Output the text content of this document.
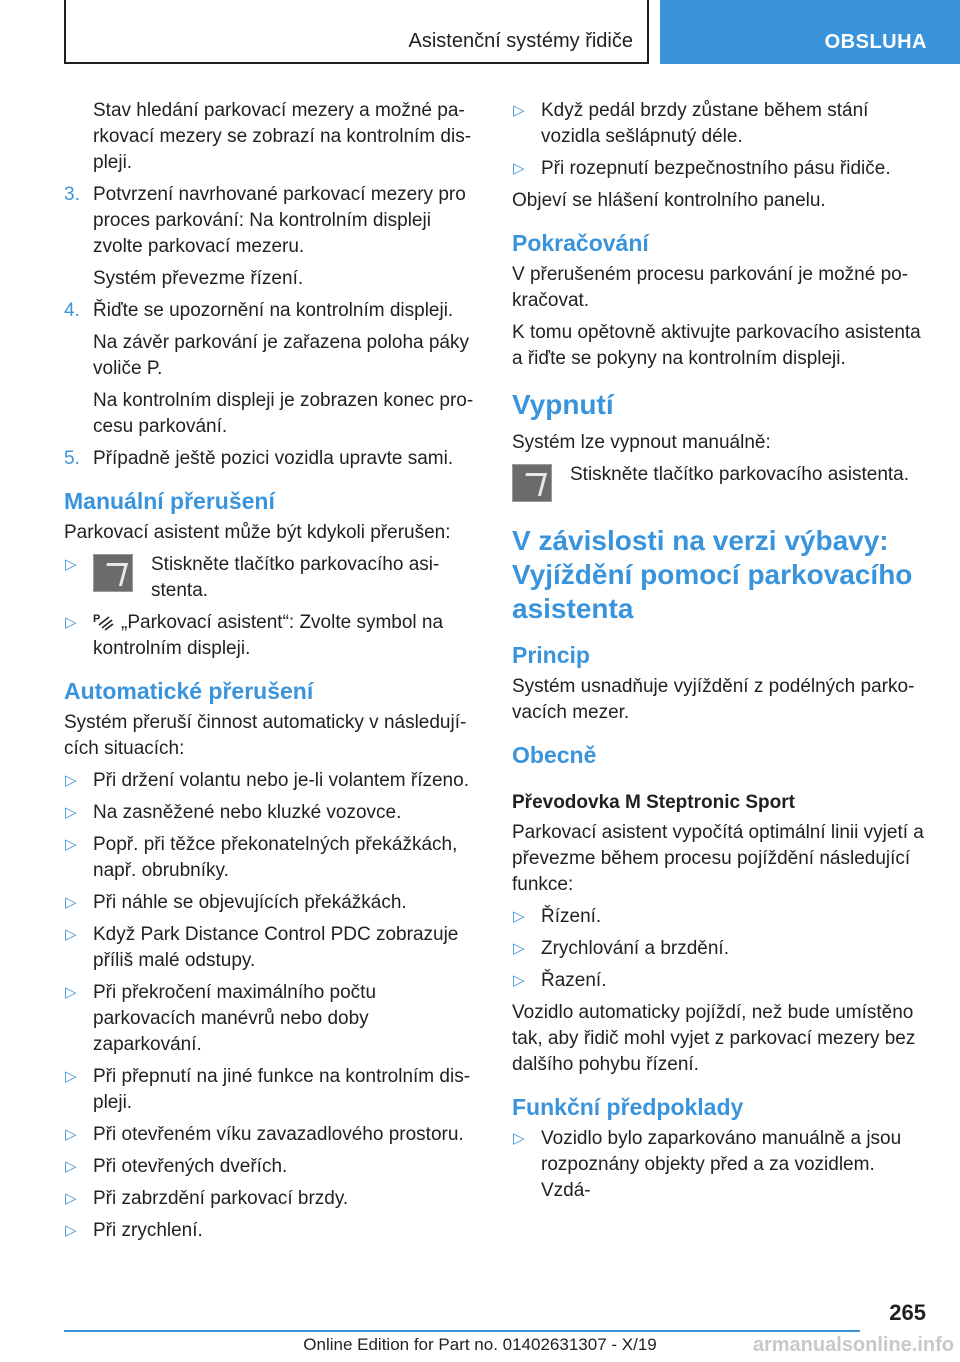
Asistenční systémy řidiče	OBSLUHA

Stav hledání parkovací mezery a možné parkovací mezery se zobrazí na kontrolním displeji.

3. Potvrzení navrhované parkovací mezery pro proces parkování: Na kontrolním displeji zvolte parkovací mezeru.

Systém převezme řízení.

4. Řiďte se upozornění na kontrolním displeji.

Na závěr parkování je zařazena poloha páky voliče P.

Na kontrolním displeji je zobrazen konec procesu parkování.

5. Případně ještě pozici vozidla upravte sami.
Manuální přerušení

Parkovací asistent může být kdykoli přerušen:

▷	Stiskněte tlačítko parkovacího asistenta.
▷ P „Parkovací asistent“: Zvolte symbol na kontrolním displeji.
Automatické přerušení

Systém přeruší činnost automaticky v následujících situacích:

▷ Při držení volantu nebo je-li volantem řízeno.
▷ Na zasněžené nebo kluzké vozovce.
▷ Popř. při těžce překonatelných překážkách, např. obrubníky.
▷ Při náhle se objevujících překážkách.
▷ Když Park Distance Control PDC zobrazuje příliš malé odstupy.
▷ Při překročení maximálního počtu parkovacích manévrů nebo doby zaparkování.
▷ Při přepnutí na jiné funkce na kontrolním displeji.
▷ Při otevřeném víku zavazadlového prostoru.
▷ Při otevřených dveřích.
▷ Při zabrzdění parkovací brzdy.
▷ Při zrychlení.
▷ Když pedál brzdy zůstane během stání vozidla sešlápnutý déle.
▷ Při rozepnutí bezpečnostního pásu řidiče.

Objeví se hlášení kontrolního panelu.

Pokračování

V přerušeném procesu parkování je možné pokračovat.

K tomu opětovně aktivujte parkovacího asistenta a řiďte se pokyny na kontrolním displeji.

Vypnutí

Systém lze vypnout manuálně:

Stiskněte tlačítko parkovacího asistenta.
V závislosti na verzi výbavy: Vyjíždění pomocí parkovacího asistenta
Princip

Systém usnadňuje vyjíždění z podélných parkovacích mezer.

Obecně
Převodovka M Steptronic Sport

Parkovací asistent vypočítá optimální linii vyjetí a převezme během procesu pojíždění následující funkce:

▷ Řízení.
▷ Zrychlování a brzdění.
▷ Řazení.

Vozidlo automaticky pojíždí, než bude umístěno tak, aby řidič mohl vyjet z parkovací mezery bez dalšího pohybu řízení.

Funkční předpoklady
▷ Vozidlo bylo zaparkováno manuálně a jsou rozpoznány objekty před a za vozidlem. Vzdá-
265
Online Edition for Part no. 01402631307 - X/19	armanualsonline.info
